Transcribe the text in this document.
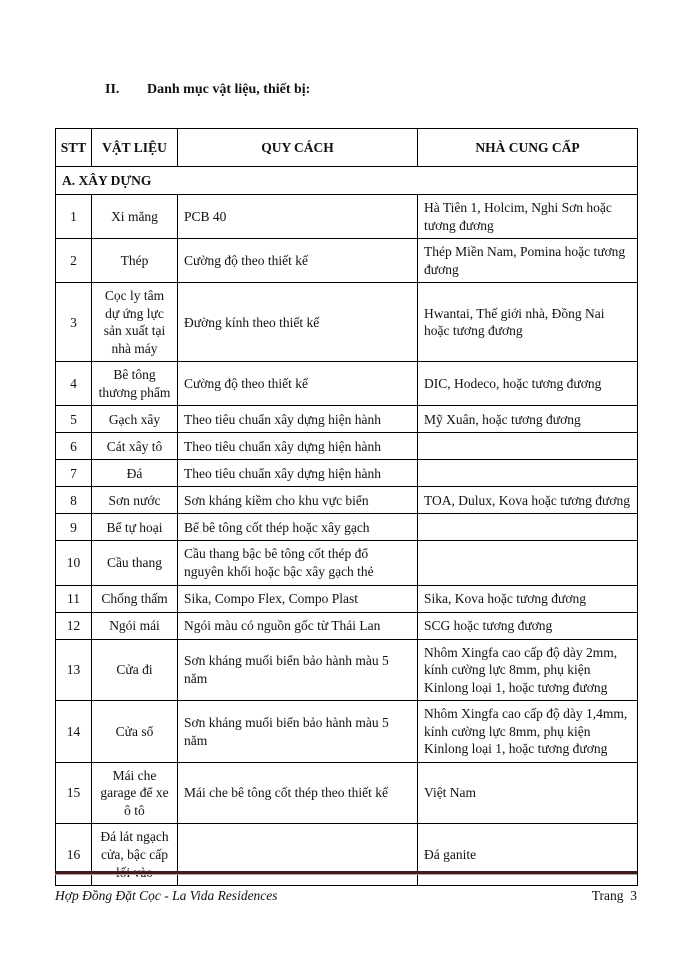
II.	Danh mục vật liệu, thiết bị:
STT	VẬT LIỆU	QUY CÁCH	NHÀ CUNG CẤP
A. XÂY DỰNG			
1	Xi măng	PCB 40	Hà Tiên 1, Holcim, Nghi Sơn hoặc tương đương
2	Thép	Cường độ theo thiết kế	Thép Miền Nam, Pomina hoặc tương đương
3	Cọc ly tâm dự ứng lực sản xuất tại nhà máy	Đường kính theo thiết kế	Hwantai, Thế giới nhà, Đồng Nai hoặc tương đương
4	Bê tông thương phẩm	Cường độ theo thiết kế	DIC, Hodeco, hoặc tương đương
5	Gạch xây	Theo tiêu chuẩn xây dựng hiện hành	Mỹ Xuân, hoặc tương đương
6	Cát xây tô	Theo tiêu chuẩn xây dựng hiện hành	
7	Đá	Theo tiêu chuẩn xây dựng hiện hành	
8	Sơn nước	Sơn kháng kiềm cho khu vực biển	TOA, Dulux, Kova hoặc tương đương
9	Bể tự hoại	Bể bê tông cốt thép hoặc xây gạch	
10	Cầu thang	Cầu thang bậc bê tông cốt thép đổ nguyên khối hoặc bậc xây gạch thẻ	
11	Chống thấm	Sika, Compo Flex, Compo Plast	Sika, Kova hoặc tương đương
12	Ngói mái	Ngói màu có nguồn gốc từ Thái Lan	SCG hoặc tương đương
13	Cửa đi	Sơn kháng muối biển bảo hành màu 5 năm	Nhôm Xingfa cao cấp độ dày 2mm, kính cường lực 8mm, phụ kiện Kinlong loại 1, hoặc tương đương
14	Cửa sổ	Sơn kháng muối biển bảo hành màu 5 năm	Nhôm Xingfa cao cấp độ dày 1,4mm, kính cường lực 8mm, phụ kiện Kinlong loại 1, hoặc tương đương
15	Mái che garage để xe ô tô	Mái che bê tông cốt thép theo thiết kế	Việt Nam
16	Đá lát ngạch cửa, bậc cấp lối vào		Đá ganite
Hợp Đồng Đặt Cọc - La Vida Residences	Trang  3
